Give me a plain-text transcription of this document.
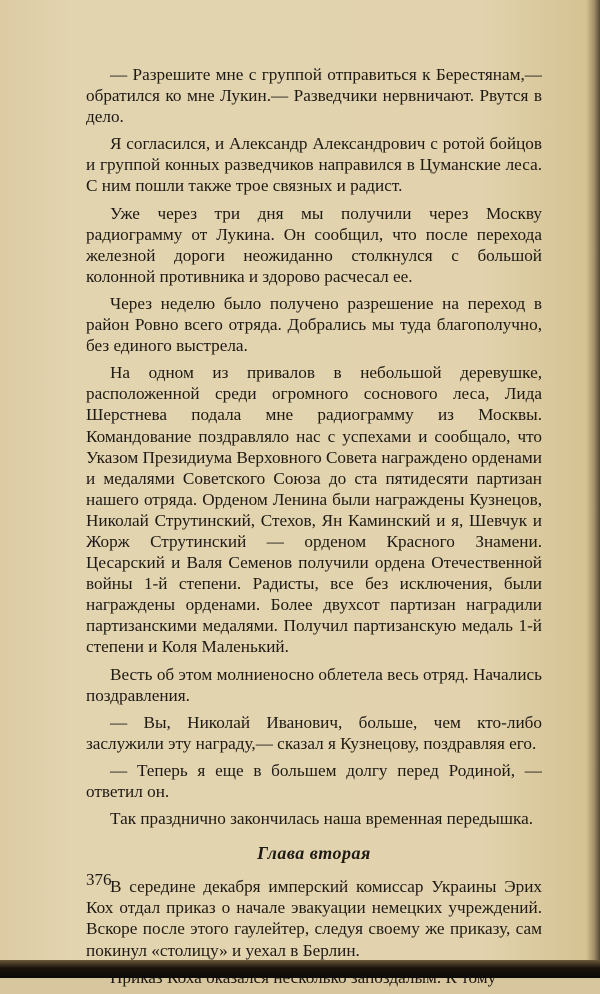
— Разрешите мне с группой отправиться к Берестянам,— обратился ко мне Лукин.— Разведчики нервничают. Рвутся в дело.

Я согласился, и Александр Александрович с ротой бойцов и группой конных разведчиков направился в Цуманские леса. С ним пошли также трое связных и радист.

Уже через три дня мы получили через Москву радиограмму от Лукина. Он сообщил, что после перехода железной дороги неожиданно столкнулся с большой колонной противника и здорово расчесал ее.

Через неделю было получено разрешение на переход в район Ровно всего отряда. Добрались мы туда благополучно, без единого выстрела.

На одном из привалов в небольшой деревушке, расположенной среди огромного соснового леса, Лида Шерстнева подала мне радиограмму из Москвы. Командование поздравляло нас с успехами и сообщало, что Указом Президиума Верховного Совета награждено орденами и медалями Советского Союза до ста пятидесяти партизан нашего отряда. Орденом Ленина были награждены Кузнецов, Николай Струтинский, Стехов, Ян Каминский и я, Шевчук и Жорж Струтинский — орденом Красного Знамени. Цесарский и Валя Семенов получили ордена Отечественной войны 1-й степени. Радисты, все без исключения, были награждены орденами. Более двухсот партизан наградили партизанскими медалями. Получил партизанскую медаль 1-й степени и Коля Маленький.

Весть об этом молниеносно облетела весь отряд. Начались поздравления.

— Вы, Николай Иванович, больше, чем кто-либо заслужили эту награду,— сказал я Кузнецову, поздравляя его.

— Теперь я еще в большем долгу перед Родиной, — ответил он.

Так празднично закончилась наша временная передышка.

Глава вторая

В середине декабря имперский комиссар Украины Эрих Кох отдал приказ о начале эвакуации немецких учреждений. Вскоре после этого гаулейтер, следуя своему же приказу, сам покинул «столицу» и уехал в Берлин.

376
